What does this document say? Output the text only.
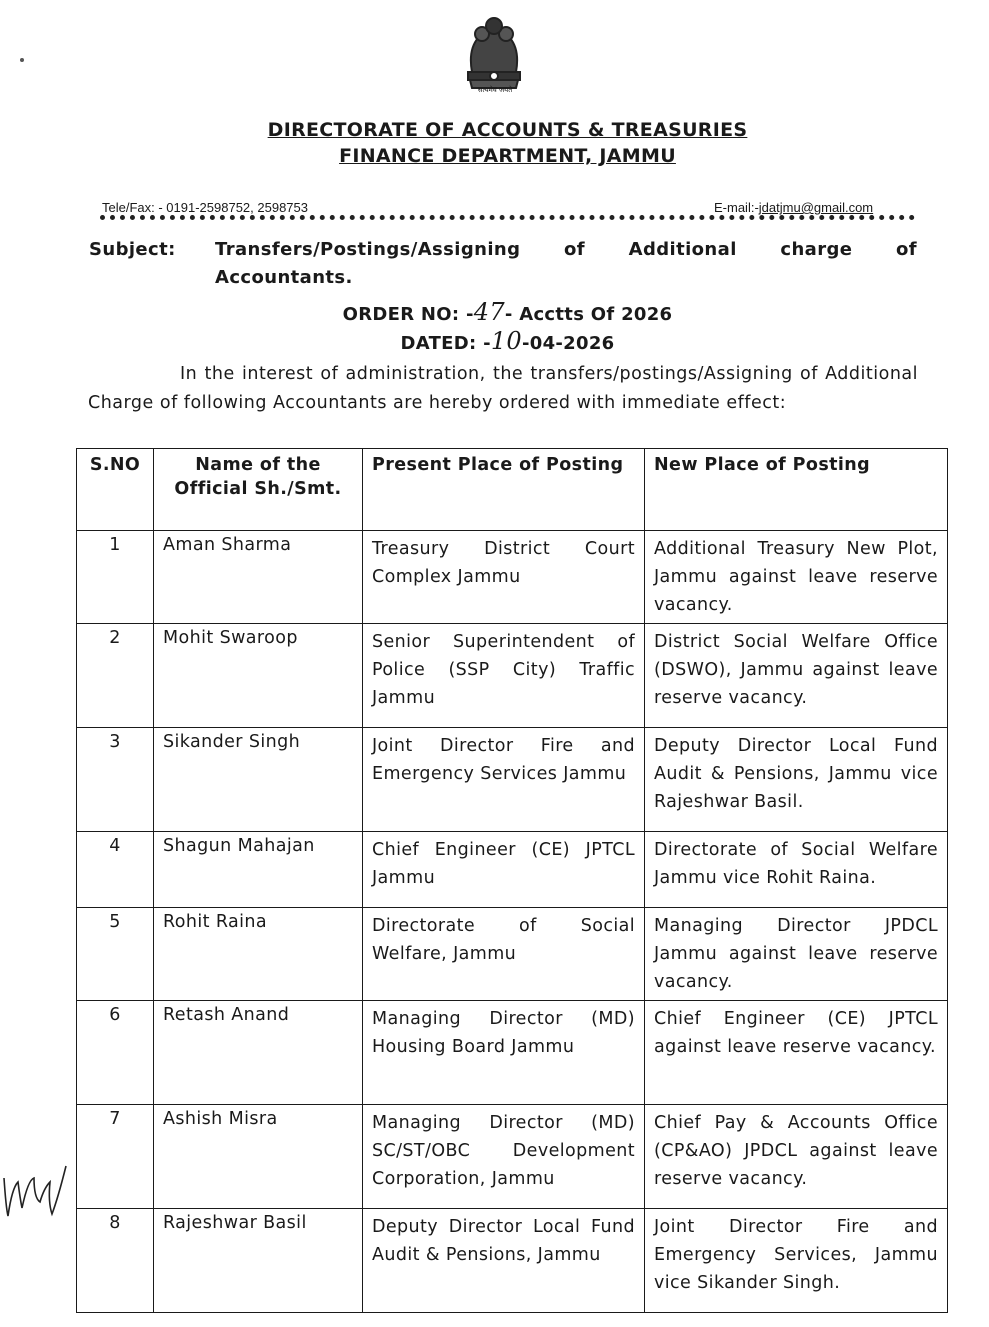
सत्यमेव जयते
DIRECTORATE OF ACCOUNTS & TREASURIES
FINANCE DEPARTMENT, JAMMU
Tele/Fax: - 0191-2598752, 2598753	E-mail:-jdatjmu@gmail.com
Subject: Transfers/Postings/Assigning of Additional charge of
Accountants.
ORDER NO: -47- Acctts Of 2026
DATED: -10-04-2026

In the interest of administration, the transfers/postings/Assigning of Additional Charge of following Accountants are hereby ordered with immediate effect:

S.NO	Name of the Official Sh./Smt.	Present Place of Posting	New Place of Posting
1	Aman Sharma	Treasury District Court Complex Jammu	Additional Treasury New Plot, Jammu against leave reserve vacancy.
2	Mohit Swaroop	Senior Superintendent of Police (SSP City) Traffic Jammu	District Social Welfare Office (DSWO), Jammu against leave reserve vacancy.
3	Sikander Singh	Joint Director Fire and Emergency Services Jammu	Deputy Director Local Fund Audit & Pensions, Jammu vice Rajeshwar Basil.
4	Shagun Mahajan	Chief Engineer (CE) JPTCL Jammu	Directorate of Social Welfare Jammu vice Rohit Raina.
5	Rohit Raina	Directorate of Social Welfare, Jammu	Managing Director JPDCL Jammu against leave reserve vacancy.
6	Retash Anand	Managing Director (MD) Housing Board Jammu	Chief Engineer (CE) JPTCL against leave reserve vacancy.
7	Ashish Misra	Managing Director (MD) SC/ST/OBC Development Corporation, Jammu	Chief Pay & Accounts Office (CP&AO) JPDCL against leave reserve vacancy.
8	Rajeshwar Basil	Deputy Director Local Fund Audit & Pensions, Jammu	Joint Director Fire and Emergency Services, Jammu vice Sikander Singh.
